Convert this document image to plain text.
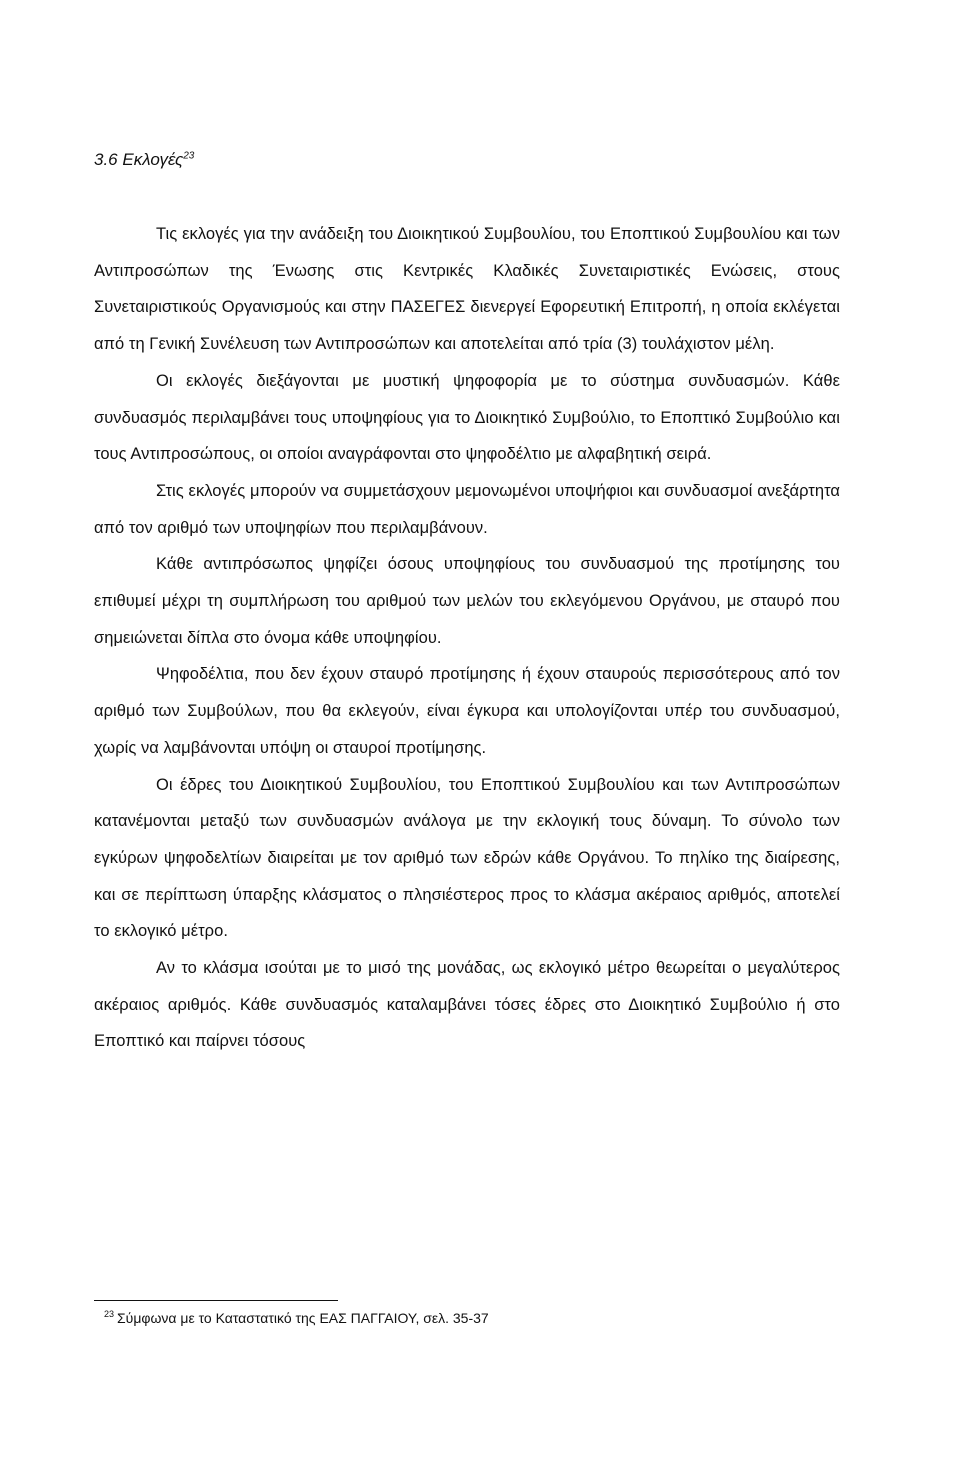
3.6 Εκλογές$^{23}$

Τις εκλογές για την ανάδειξη του Διοικητικού Συμβουλίου, του Εποπτικού Συμβουλίου και των Αντιπροσώπων της Ένωσης στις Κεντρικές Κλαδικές Συνεταιριστικές Ενώσεις, στους Συνεταιριστικούς Οργανισμούς και στην ΠΑΣΕΓΕΣ διενεργεί Εφορευτική Επιτροπή, η οποία εκλέγεται από τη Γενική Συνέλευση των Αντιπροσώπων και αποτελείται από τρία (3) τουλάχιστον μέλη.

Οι εκλογές διεξάγονται με μυστική ψηφοφορία με το σύστημα συνδυασμών. Κάθε συνδυασμός περιλαμβάνει τους υποψηφίους για το Διοικητικό Συμβούλιο, το Εποπτικό Συμβούλιο και τους Αντιπροσώπους, οι οποίοι αναγράφονται στο ψηφοδέλτιο με αλφαβητική σειρά.

Στις εκλογές μπορούν να συμμετάσχουν μεμονωμένοι υποψήφιοι και συνδυασμοί ανεξάρτητα από τον αριθμό των υποψηφίων που περιλαμβάνουν.

Κάθε αντιπρόσωπος ψηφίζει όσους υποψηφίους του συνδυασμού της προτίμησης του επιθυμεί μέχρι τη συμπλήρωση του αριθμού των μελών του εκλεγόμενου Οργάνου, με σταυρό που σημειώνεται δίπλα στο όνομα κάθε υποψηφίου.

Ψηφοδέλτια, που δεν έχουν σταυρό προτίμησης ή έχουν σταυρούς περισσότερους από τον αριθμό των Συμβούλων, που θα εκλεγούν, είναι έγκυρα και υπολογίζονται υπέρ του συνδυασμού, χωρίς να λαμβάνονται υπόψη οι σταυροί προτίμησης.

Οι έδρες του Διοικητικού Συμβουλίου, του Εποπτικού Συμβουλίου και των Αντιπροσώπων κατανέμονται μεταξύ των συνδυασμών ανάλογα με την εκλογική τους δύναμη. Το σύνολο των εγκύρων ψηφοδελτίων διαιρείται με τον αριθμό των εδρών κάθε Οργάνου. Το πηλίκο της διαίρεσης, και σε περίπτωση ύπαρξης κλάσματος ο πλησιέστερος προς το κλάσμα ακέραιος αριθμός, αποτελεί το εκλογικό μέτρο.

Αν το κλάσμα ισούται με το μισό της μονάδας, ως εκλογικό μέτρο θεωρείται ο μεγαλύτερος ακέραιος αριθμός. Κάθε συνδυασμός καταλαμβάνει τόσες έδρες στο Διοικητικό Συμβούλιο ή στο Εποπτικό και παίρνει τόσους

$^{23}$ Σύμφωνα με το Καταστατικό της ΕΑΣ ΠΑΓΓΑΙΟΥ, σελ. 35-37
